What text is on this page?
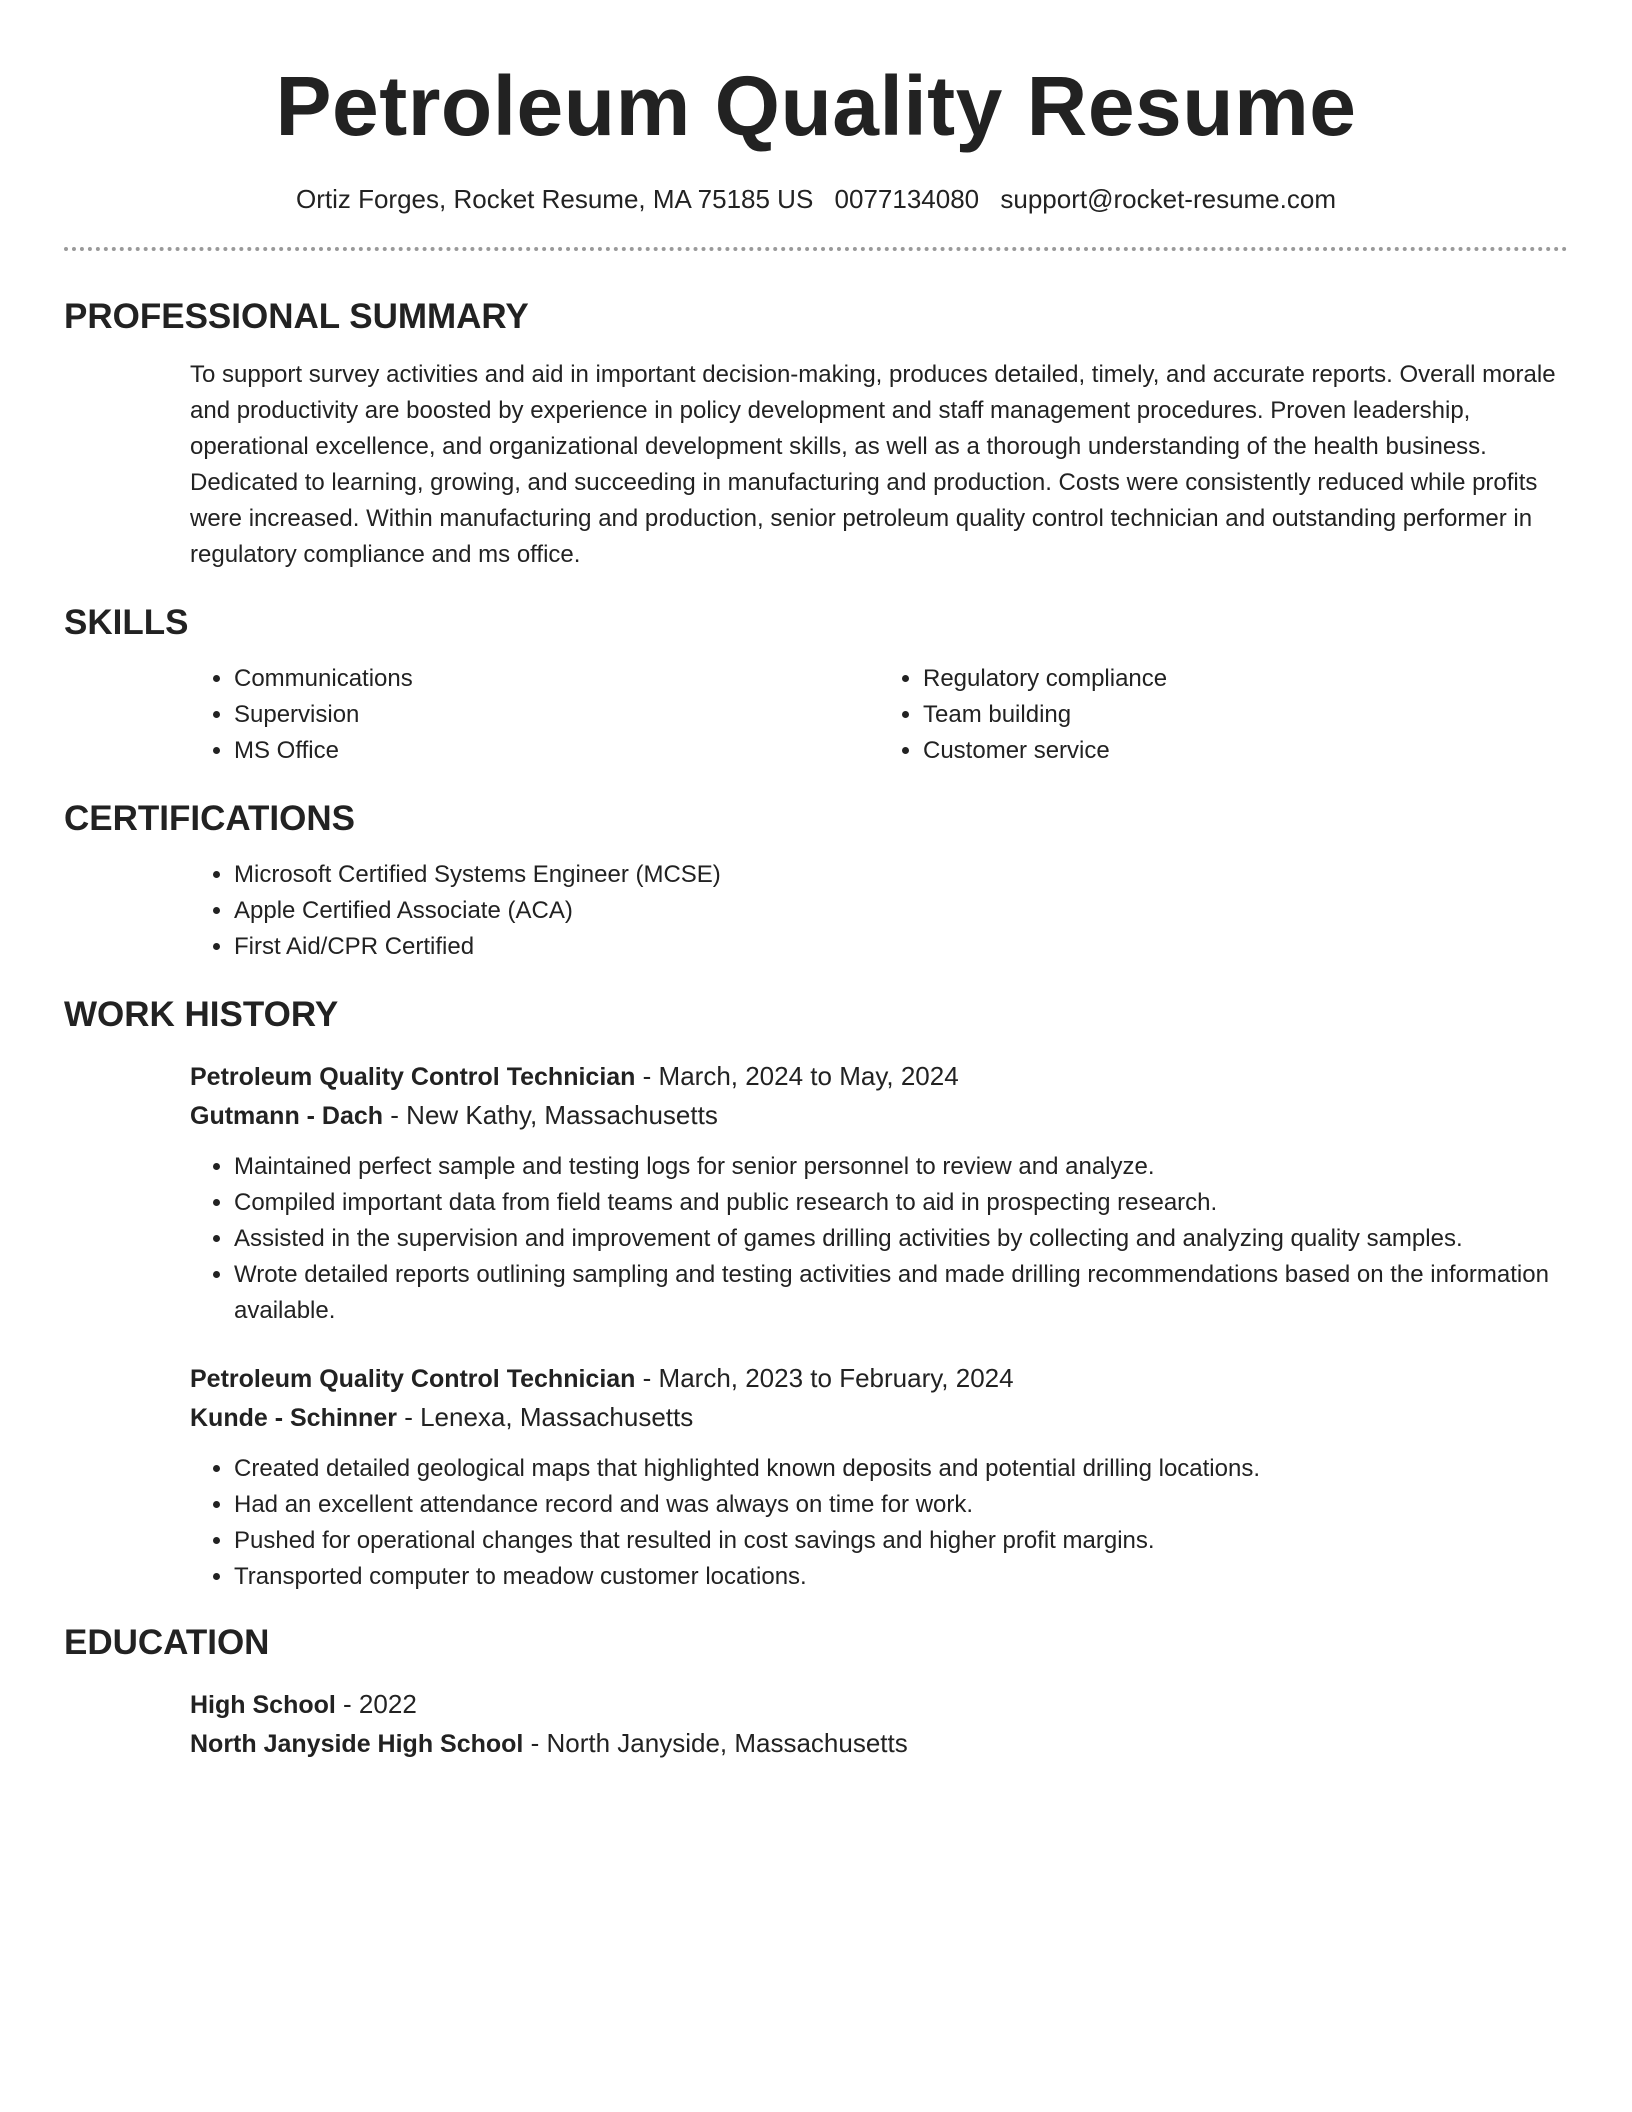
Petroleum Quality Resume
Ortiz Forges, Rocket Resume, MA 75185 US 0077134080 support@rocket-resume.com
PROFESSIONAL SUMMARY

To support survey activities and aid in important decision-making, produces detailed, timely, and accurate reports. Overall morale and productivity are boosted by experience in policy development and staff management procedures. Proven leadership, operational excellence, and organizational development skills, as well as a thorough understanding of the health business. Dedicated to learning, growing, and succeeding in manufacturing and production. Costs were consistently reduced while profits were increased. Within manufacturing and production, senior petroleum quality control technician and outstanding performer in regulatory compliance and ms office.

SKILLS
• Communications
• Supervision
• MS Office
• Regulatory compliance
• Team building
• Customer service
CERTIFICATIONS
• Microsoft Certified Systems Engineer (MCSE)
• Apple Certified Associate (ACA)
• First Aid/CPR Certified
WORK HISTORY

Petroleum Quality Control Technician - March, 2024 to May, 2024

Gutmann - Dach - New Kathy, Massachusetts

• Maintained perfect sample and testing logs for senior personnel to review and analyze.
• Compiled important data from field teams and public research to aid in prospecting research.
• Assisted in the supervision and improvement of games drilling activities by collecting and analyzing quality samples.
• Wrote detailed reports outlining sampling and testing activities and made drilling recommendations based on the information available.

Petroleum Quality Control Technician - March, 2023 to February, 2024

Kunde - Schinner - Lenexa, Massachusetts

• Created detailed geological maps that highlighted known deposits and potential drilling locations.
• Had an excellent attendance record and was always on time for work.
• Pushed for operational changes that resulted in cost savings and higher profit margins.
• Transported computer to meadow customer locations.
EDUCATION

High School - 2022

North Janyside High School - North Janyside, Massachusetts
